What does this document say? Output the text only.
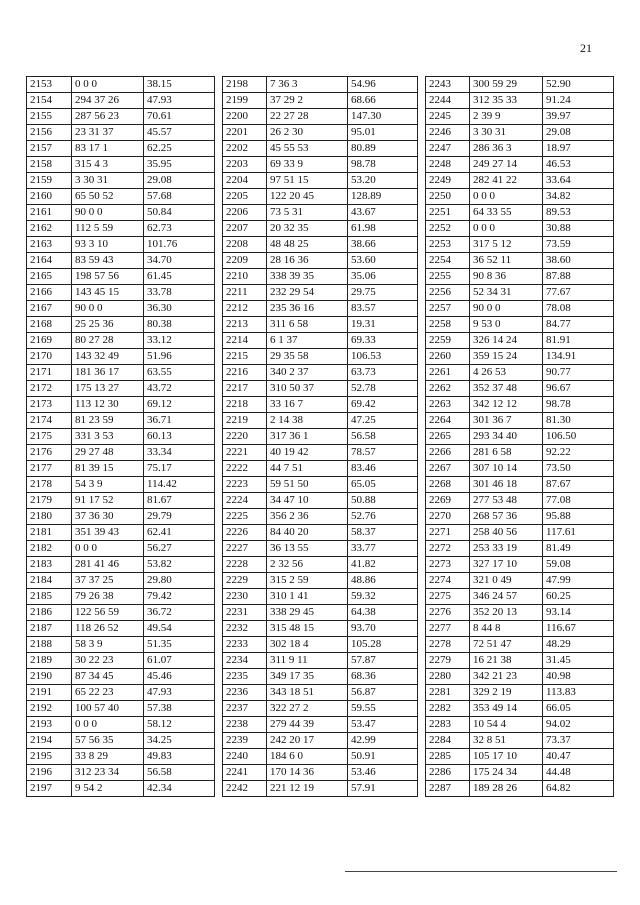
21
2153	0 0 0	38.15		2198	7 36 3	54.96		2243	300 59 29	52.90
2154	294 37 26	47.93		2199	37 29 2	68.66		2244	312 35 33	91.24
2155	287 56 23	70.61		2200	22 27 28	147.30		2245	2 39 9	39.97
2156	23 31 37	45.57		2201	26 2 30	95.01		2246	3 30 31	29.08
2157	83 17 1	62.25		2202	45 55 53	80.89		2247	286 36 3	18.97
2158	315 4 3	35.95		2203	69 33 9	98.78		2248	249 27 14	46.53
2159	3 30 31	29.08		2204	97 51 15	53.20		2249	282 41 22	33.64
2160	65 50 52	57.68		2205	122 20 45	128.89		2250	0 0 0	34.82
2161	90 0 0	50.84		2206	73 5 31	43.67		2251	64 33 55	89.53
2162	112 5 59	62.73		2207	20 32 35	61.98		2252	0 0 0	30.88
2163	93 3 10	101.76		2208	48 48 25	38.66		2253	317 5 12	73.59
2164	83 59 43	34.70		2209	28 16 36	53.60		2254	36 52 11	38.60
2165	198 57 56	61.45		2210	338 39 35	35.06		2255	90 8 36	87.88
2166	143 45 15	33.78		2211	232 29 54	29.75		2256	52 34 31	77.67
2167	90 0 0	36.30		2212	235 36 16	83.57		2257	90 0 0	78.08
2168	25 25 36	80.38		2213	311 6 58	19.31		2258	9 53 0	84.77
2169	80 27 28	33.12		2214	6 1 37	69.33		2259	326 14 24	81.91
2170	143 32 49	51.96		2215	29 35 58	106.53		2260	359 15 24	134.91
2171	181 36 17	63.55		2216	340 2 37	63.73		2261	4 26 53	90.77
2172	175 13 27	43.72		2217	310 50 37	52.78		2262	352 37 48	96.67
2173	113 12 30	69.12		2218	33 16 7	69.42		2263	342 12 12	98.78
2174	81 23 59	36.71		2219	2 14 38	47.25		2264	301 36 7	81.30
2175	331 3 53	60.13		2220	317 36 1	56.58		2265	293 34 40	106.50
2176	29 27 48	33.34		2221	40 19 42	78.57		2266	281 6 58	92.22
2177	81 39 15	75.17		2222	44 7 51	83.46		2267	307 10 14	73.50
2178	54 3 9	114.42		2223	59 51 50	65.05		2268	301 46 18	87.67
2179	91 17 52	81.67		2224	34 47 10	50.88		2269	277 53 48	77.08
2180	37 36 30	29.79		2225	356 2 36	52.76		2270	268 57 36	95.88
2181	351 39 43	62.41		2226	84 40 20	58.37		2271	258 40 56	117.61
2182	0 0 0	56.27		2227	36 13 55	33.77		2272	253 33 19	81.49
2183	281 41 46	53.82		2228	2 32 56	41.82		2273	327 17 10	59.08
2184	37 37 25	29.80		2229	315 2 59	48.86		2274	321 0 49	47.99
2185	79 26 38	79.42		2230	310 1 41	59.32		2275	346 24 57	60.25
2186	122 56 59	36.72		2231	338 29 45	64.38		2276	352 20 13	93.14
2187	118 26 52	49.54		2232	315 48 15	93.70		2277	8 44 8	116.67
2188	58 3 9	51.35		2233	302 18 4	105.28		2278	72 51 47	48.29
2189	30 22 23	61.07		2234	311 9 11	57.87		2279	16 21 38	31.45
2190	87 34 45	45.46		2235	349 17 35	68.36		2280	342 21 23	40.98
2191	65 22 23	47.93		2236	343 18 51	56.87		2281	329 2 19	113.83
2192	100 57 40	57.38		2237	322 27 2	59.55		2282	353 49 14	66.05
2193	0 0 0	58.12		2238	279 44 39	53.47		2283	10 54 4	94.02
2194	57 56 35	34.25		2239	242 20 17	42.99		2284	32 8 51	73.37
2195	33 8 29	49.83		2240	184 6 0	50.91		2285	105 17 10	40.47
2196	312 23 34	56.58		2241	170 14 36	53.46		2286	175 24 34	44.48
2197	9 54 2	42.34		2242	221 12 19	57.91		2287	189 28 26	64.82
